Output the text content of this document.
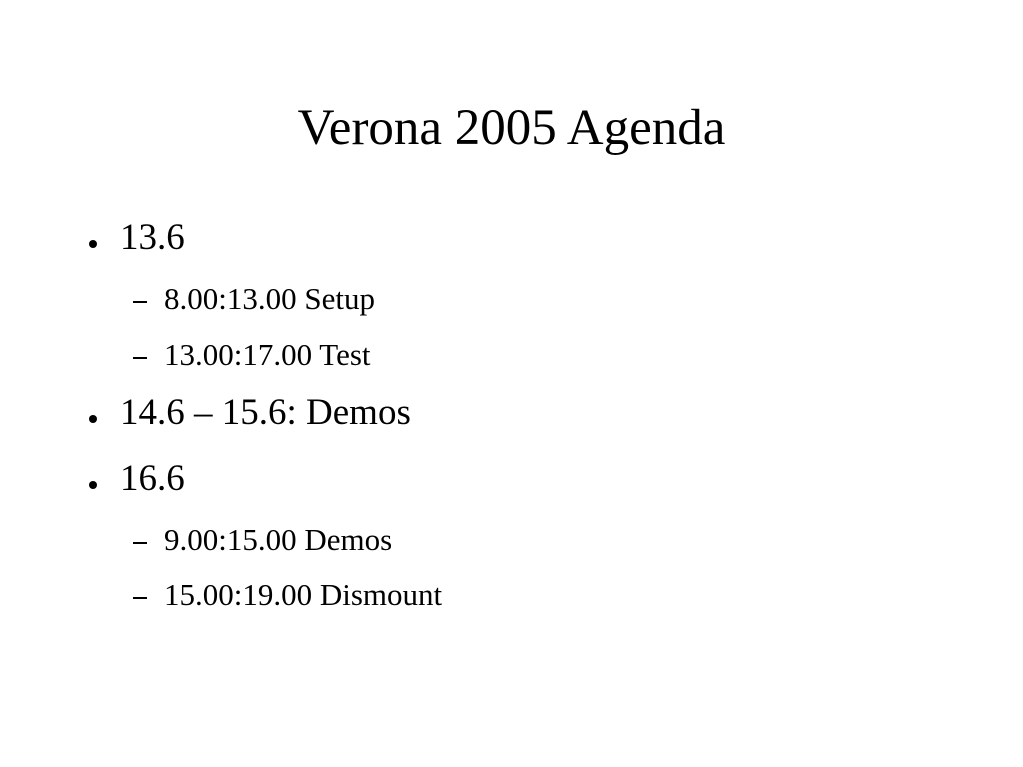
Verona 2005 Agenda
13.6
8.00:13.00 Setup
13.00:17.00 Test
14.6 – 15.6: Demos
16.6
9.00:15.00 Demos
15.00:19.00 Dismount
